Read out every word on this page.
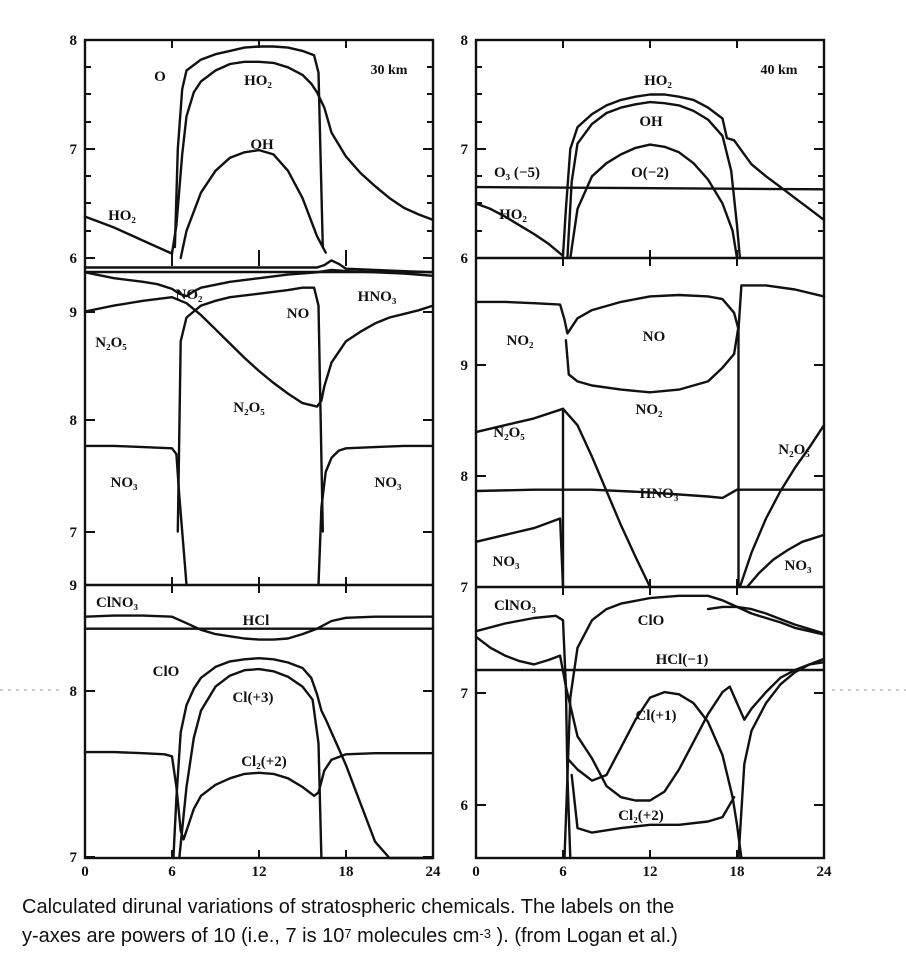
8
7
6
O	HO₂
OH
HO₂
30 km
8
7
6
HO₂
OH
O(−2)
O₃ (−5)
HO₂
40 km
9
8
7
9
NO₂	HNO₃
NO
N₂O₅
N₂O₅
NO₃	NO₃
9
8
7
NO₂	NO
NO₂
N₂O₅
N₂O₅
HNO₃
NO₃	NO₃
8
7
0	6	12	18	24
ClNO₃
HCl
ClO
Cl(+3)
Cl₂(+2)
7
6
0	6	12	18	24
ClNO₃
ClO
HCl(−1)
Cl(+1)
Cl₂(+2)

Calculated dirunal variations of stratospheric chemicals. The labels on the
y-axes are powers of 10 (i.e., 7 is $10^7$ molecules $cm^{-3}$ ). (from Logan et al.)
